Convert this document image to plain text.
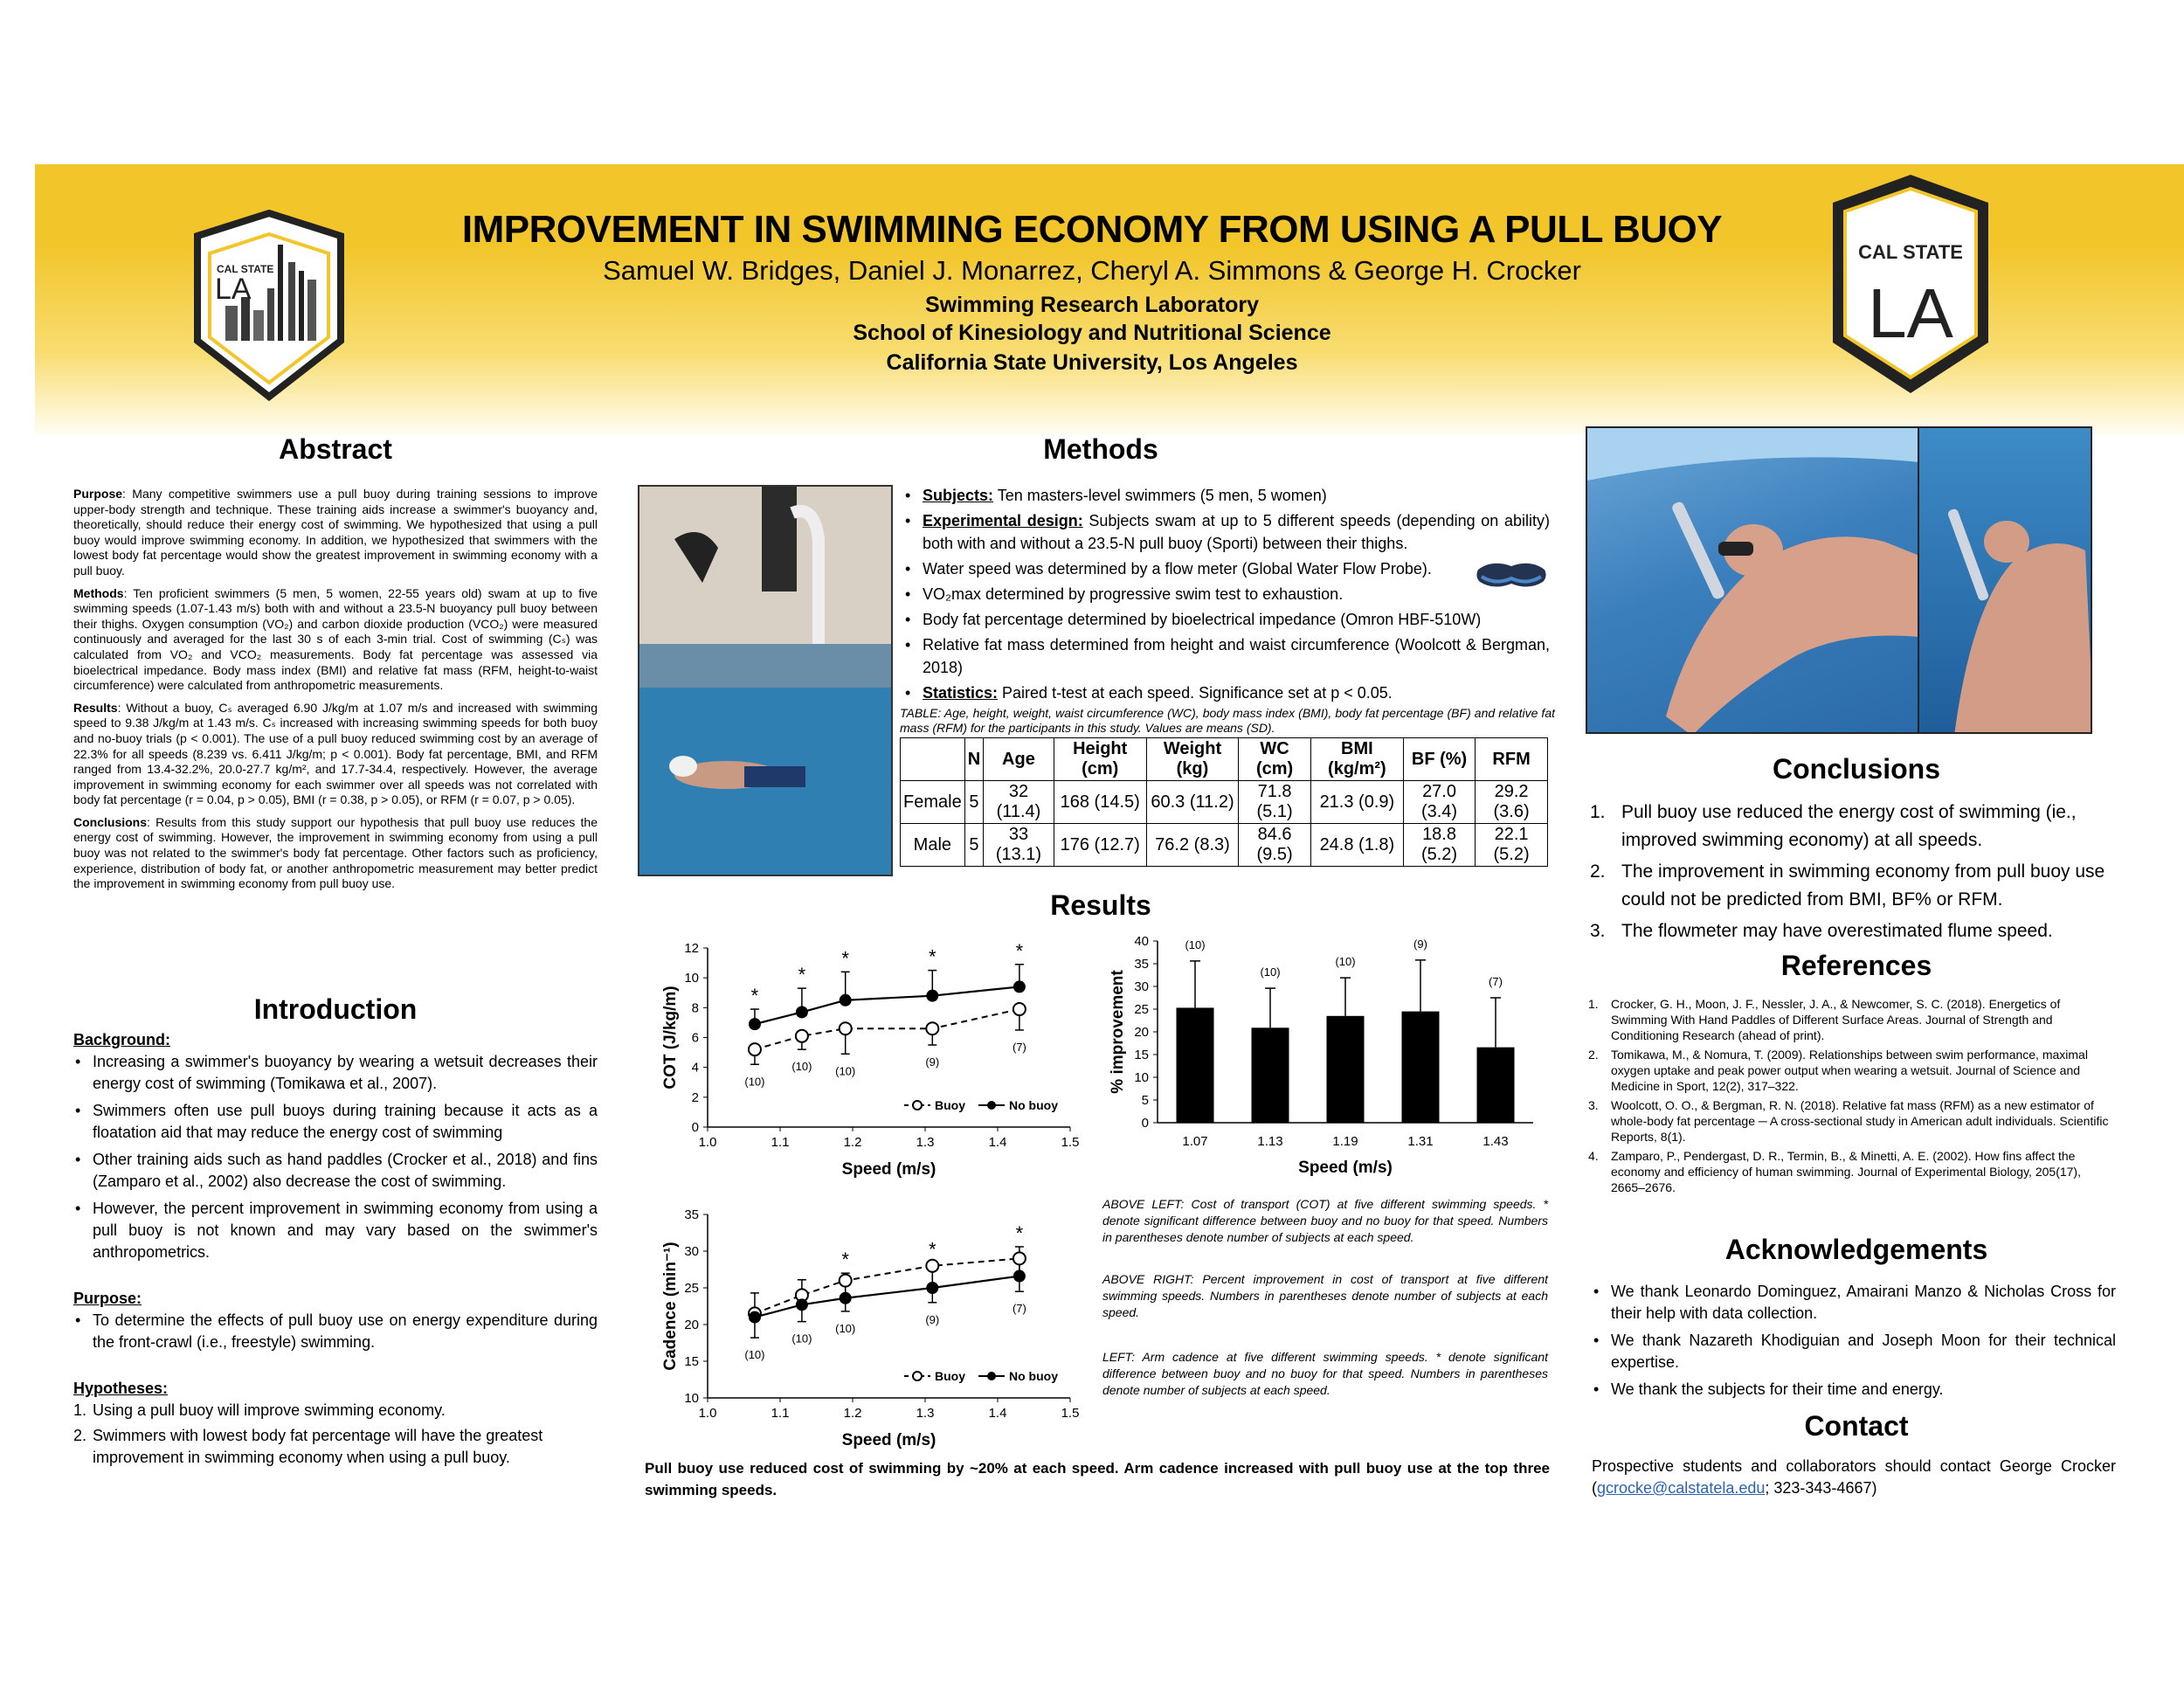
CAL STATE
LA
CAL STATE
LA
IMPROVEMENT IN SWIMMING ECONOMY FROM USING A PULL BUOY
Samuel W. Bridges, Daniel J. Monarrez, Cheryl A. Simmons & George H. Crocker
Swimming Research Laboratory
School of Kinesiology and Nutritional Science
California State University, Los Angeles
Abstract

Purpose: Many competitive swimmers use a pull buoy during training sessions to improve upper-body strength and technique. These training aids increase a swimmer's buoyancy and, theoretically, should reduce their energy cost of swimming. We hypothesized that using a pull buoy would improve swimming economy. In addition, we hypothesized that swimmers with the lowest body fat percentage would show the greatest improvement in swimming economy with a pull buoy.

Methods: Ten proficient swimmers (5 men, 5 women, 22-55 years old) swam at up to five swimming speeds (1.07-1.43 m/s) both with and without a 23.5-N buoyancy pull buoy between their thighs. Oxygen consumption (VO₂) and carbon dioxide production (VCO₂) were measured continuously and averaged for the last 30 s of each 3-min trial. Cost of swimming (Cₛ) was calculated from VO₂ and VCO₂ measurements. Body fat percentage was assessed via bioelectrical impedance. Body mass index (BMI) and relative fat mass (RFM, height-to-waist circumference) were calculated from anthropometric measurements.

Results: Without a buoy, Cₛ averaged 6.90 J/kg/m at 1.07 m/s and increased with swimming speed to 9.38 J/kg/m at 1.43 m/s. Cₛ increased with increasing swimming speeds for both buoy and no-buoy trials (p < 0.001). The use of a pull buoy reduced swimming cost by an average of 22.3% for all speeds (8.239 vs. 6.411 J/kg/m; p < 0.001). Body fat percentage, BMI, and RFM ranged from 13.4-32.2%, 20.0-27.7 kg/m², and 17.7-34.4, respectively. However, the average improvement in swimming economy for each swimmer over all speeds was not correlated with body fat percentage (r = 0.04, p > 0.05), BMI (r = 0.38, p > 0.05), or RFM (r = 0.07, p > 0.05).

Conclusions: Results from this study support our hypothesis that pull buoy use reduces the energy cost of swimming. However, the improvement in swimming economy from using a pull buoy was not related to the swimmer's body fat percentage. Other factors such as proficiency, experience, distribution of body fat, or another anthropometric measurement may better predict the improvement in swimming economy from pull buoy use.

Introduction
Background:
• Increasing a swimmer's buoyancy by wearing a wetsuit decreases their energy cost of swimming (Tomikawa et al., 2007).
• Swimmers often use pull buoys during training because it acts as a floatation aid that may reduce the energy cost of swimming
• Other training aids such as hand paddles (Crocker et al., 2018) and fins (Zamparo et al., 2002) also decrease the cost of swimming.
• However, the percent improvement in swimming economy from using a pull buoy is not known and may vary based on the swimmer's anthropometrics.
Purpose:
• To determine the effects of pull buoy use on energy expenditure during the front-crawl (i.e., freestyle) swimming.
Hypotheses:
1. Using a pull buoy will improve swimming economy.
2. Swimmers with lowest body fat percentage will have the greatest improvement in swimming economy when using a pull buoy.
Methods
• Subjects: Ten masters-level swimmers (5 men, 5 women)
• Experimental design: Subjects swam at up to 5 different speeds (depending on ability) both with and without a 23.5-N pull buoy (Sporti) between their thighs.
• Water speed was determined by a flow meter (Global Water Flow Probe).
• VO₂max determined by progressive swim test to exhaustion.
• Body fat percentage determined by bioelectrical impedance (Omron HBF-510W)
• Relative fat mass determined from height and waist circumference (Woolcott & Bergman, 2018)
• Statistics: Paired t-test at each speed. Significance set at p < 0.05.
TABLE: Age, height, weight, waist circumference (WC), body mass index (BMI), body fat percentage (BF) and relative fat mass (RFM) for the participants in this study. Values are means (SD).
	N	Age	Height (cm)	Weight (kg)	WC (cm)	BMI (kg/m²)	BF (%)	RFM
Female	5	32 (11.4)	168 (14.5)	60.3 (11.2)	71.8 (5.1)	21.3 (0.9)	27.0 (3.4)	29.2 (3.6)
Male	5	33 (13.1)	176 (12.7)	76.2 (8.3)	84.6 (9.5)	24.8 (1.8)	18.8 (5.2)	22.1 (5.2)
Results
0
2
4
6
8
10
12
1.0	1.1	1.2	1.3	1.4	1.5
Speed (m/s)
COT (J/kg/m)	*
(10)
*
(10)
*
(10)
*
(9)
*
(7)
Buoy	No buoy
0
5
10
15
20
25
30
35
40	(10)
1.07
(10)
1.13
(10)
1.19
(9)
1.31
(7)
1.43
Speed (m/s)
% improvement
10
15
20
25
30
35
1.0	1.1	1.2	1.3	1.4	1.5
Speed (m/s)
Cadence (min⁻¹)	(10)
(10)
*
(10)
*
(9)
*
(7)
Buoy	No buoy
ABOVE LEFT: Cost of transport (COT) at five different swimming speeds. * denote significant difference between buoy and no buoy for that speed. Numbers in parentheses denote number of subjects at each speed.
ABOVE RIGHT: Percent improvement in cost of transport at five different swimming speeds. Numbers in parentheses denote number of subjects at each speed.
LEFT: Arm cadence at five different swimming speeds. * denote significant difference between buoy and no buoy for that speed. Numbers in parentheses denote number of subjects at each speed.
Pull buoy use reduced cost of swimming by ~20% at each speed. Arm cadence increased with pull buoy use at the top three swimming speeds.
Conclusions
1. Pull buoy use reduced the energy cost of swimming (ie., improved swimming economy) at all speeds.
2. The improvement in swimming economy from pull buoy use could not be predicted from BMI, BF% or RFM.
3. The flowmeter may have overestimated flume speed.
References
1. Crocker, G. H., Moon, J. F., Nessler, J. A., & Newcomer, S. C. (2018). Energetics of Swimming With Hand Paddles of Different Surface Areas. Journal of Strength and Conditioning Research (ahead of print).
2. Tomikawa, M., & Nomura, T. (2009). Relationships between swim performance, maximal oxygen uptake and peak power output when wearing a wetsuit. Journal of Science and Medicine in Sport, 12(2), 317–322.
3. Woolcott, O. O., & Bergman, R. N. (2018). Relative fat mass (RFM) as a new estimator of whole-body fat percentage ─ A cross-sectional study in American adult individuals. Scientific Reports, 8(1).
4. Zamparo, P., Pendergast, D. R., Termin, B., & Minetti, A. E. (2002). How fins affect the economy and efficiency of human swimming. Journal of Experimental Biology, 205(17), 2665–2676.
Acknowledgements
• We thank Leonardo Dominguez, Amairani Manzo & Nicholas Cross for their help with data collection.
• We thank Nazareth Khodiguian and Joseph Moon for their technical expertise.
• We thank the subjects for their time and energy.
Contact
Prospective students and collaborators should contact George Crocker (gcrocke@calstatela.edu; 323-343-4667)
